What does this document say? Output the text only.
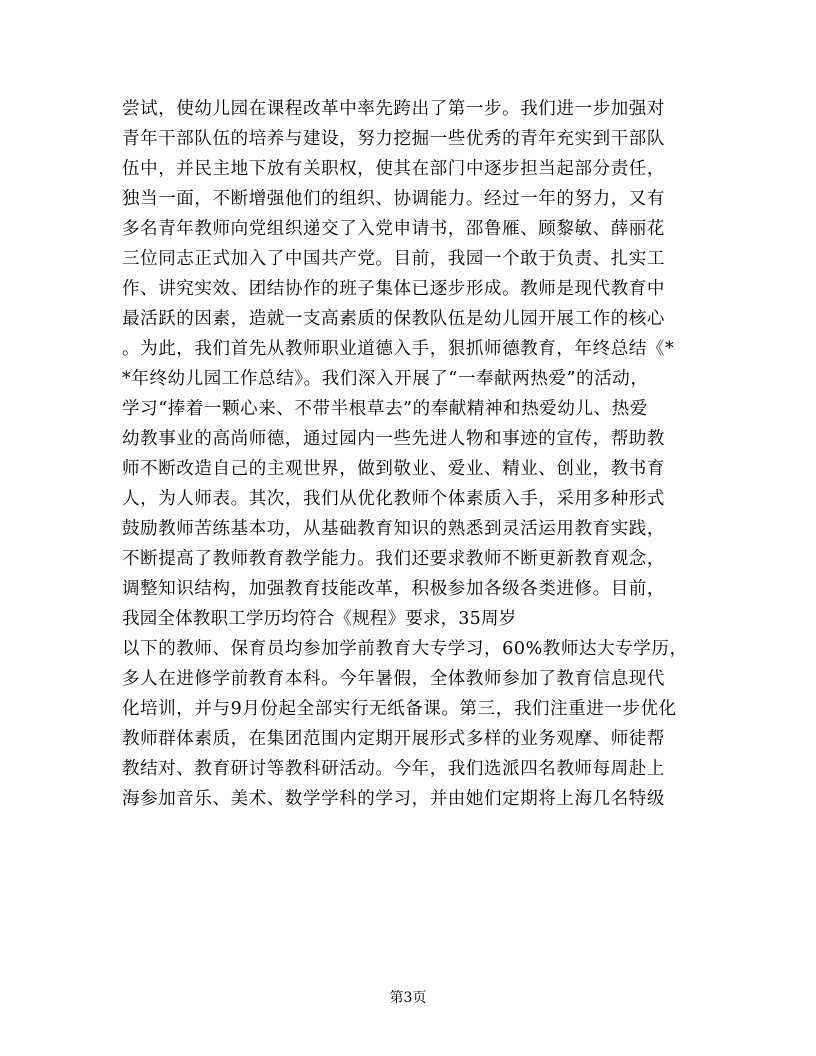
尝试，使幼儿园在课程改革中率先跨出了第一步。我们进一步加强对
青年干部队伍的培养与建设，努力挖掘一些优秀的青年充实到干部队
伍中，并民主地下放有关职权，使其在部门中逐步担当起部分责任，
独当一面，不断增强他们的组织、协调能力。经过一年的努力，又有
多名青年教师向党组织递交了入党申请书，邵鲁雁、顾黎敏、薛丽花
三位同志正式加入了中国共产党。目前，我园一个敢于负责、扎实工
作、讲究实效、团结协作的班子集体已逐步形成。教师是现代教育中
最活跃的因素，造就一支高素质的保教队伍是幼儿园开展工作的核心
。为此，我们首先从教师职业道德入手，狠抓师德教育，年终总结《*
*年终幼儿园工作总结》。我们深入开展了“一奉献两热爱”的活动，
学习“捧着一颗心来、不带半根草去”的奉献精神和热爱幼儿、热爱
幼教事业的高尚师德，通过园内一些先进人物和事迹的宣传，帮助教
师不断改造自己的主观世界，做到敬业、爱业、精业、创业，教书育
人，为人师表。其次，我们从优化教师个体素质入手，采用多种形式
鼓励教师苦练基本功，从基础教育知识的熟悉到灵活运用教育实践，
不断提高了教师教育教学能力。我们还要求教师不断更新教育观念，
调整知识结构，加强教育技能改革，积极参加各级各类进修。目前，
我园全体教职工学历均符合《规程》要求，35周岁
以下的教师、保育员均参加学前教育大专学习，60%教师达大专学历，
多人在进修学前教育本科。今年暑假，全体教师参加了教育信息现代
化培训，并与9月份起全部实行无纸备课。第三，我们注重进一步优化
教师群体素质，在集团范围内定期开展形式多样的业务观摩、师徒帮
教结对、教育研讨等教科研活动。今年，我们选派四名教师每周赴上
海参加音乐、美术、数学学科的学习，并由她们定期将上海几名特级
第3页
